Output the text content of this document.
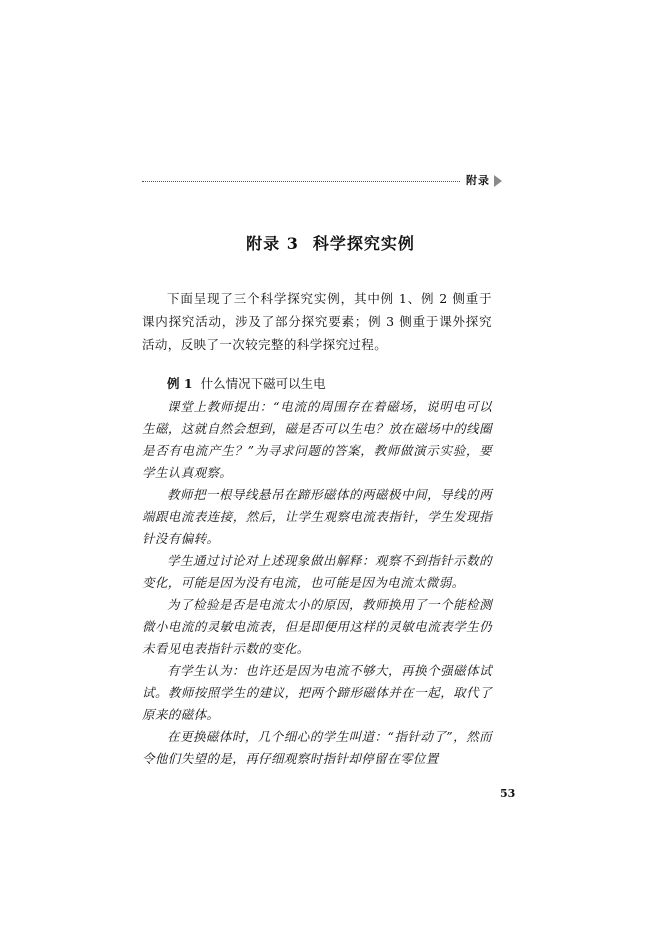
附录
附录 3 科学探究实例

下面呈现了三个科学探究实例，其中例 1、例 2 侧重于课内探究活动，涉及了部分探究要素；例 3 侧重于课外探究活动，反映了一次较完整的科学探究过程。

例 1 什么情况下磁可以生电

课堂上教师提出：“电流的周围存在着磁场，说明电可以生磁，这就自然会想到，磁是否可以生电？放在磁场中的线圈是否有电流产生？”为寻求问题的答案，教师做演示实验，要学生认真观察。

教师把一根导线悬吊在蹄形磁体的两磁极中间，导线的两端跟电流表连接，然后，让学生观察电流表指针，学生发现指针没有偏转。

学生通过讨论对上述现象做出解释：观察不到指针示数的变化，可能是因为没有电流，也可能是因为电流太微弱。

为了检验是否是电流太小的原因，教师换用了一个能检测微小电流的灵敏电流表，但是即便用这样的灵敏电流表学生仍未看见电表指针示数的变化。

有学生认为：也许还是因为电流不够大，再换个强磁体试试。教师按照学生的建议，把两个蹄形磁体并在一起，取代了原来的磁体。

在更换磁体时，几个细心的学生叫道：“指针动了”，然而令他们失望的是，再仔细观察时指针却停留在零位置

53
